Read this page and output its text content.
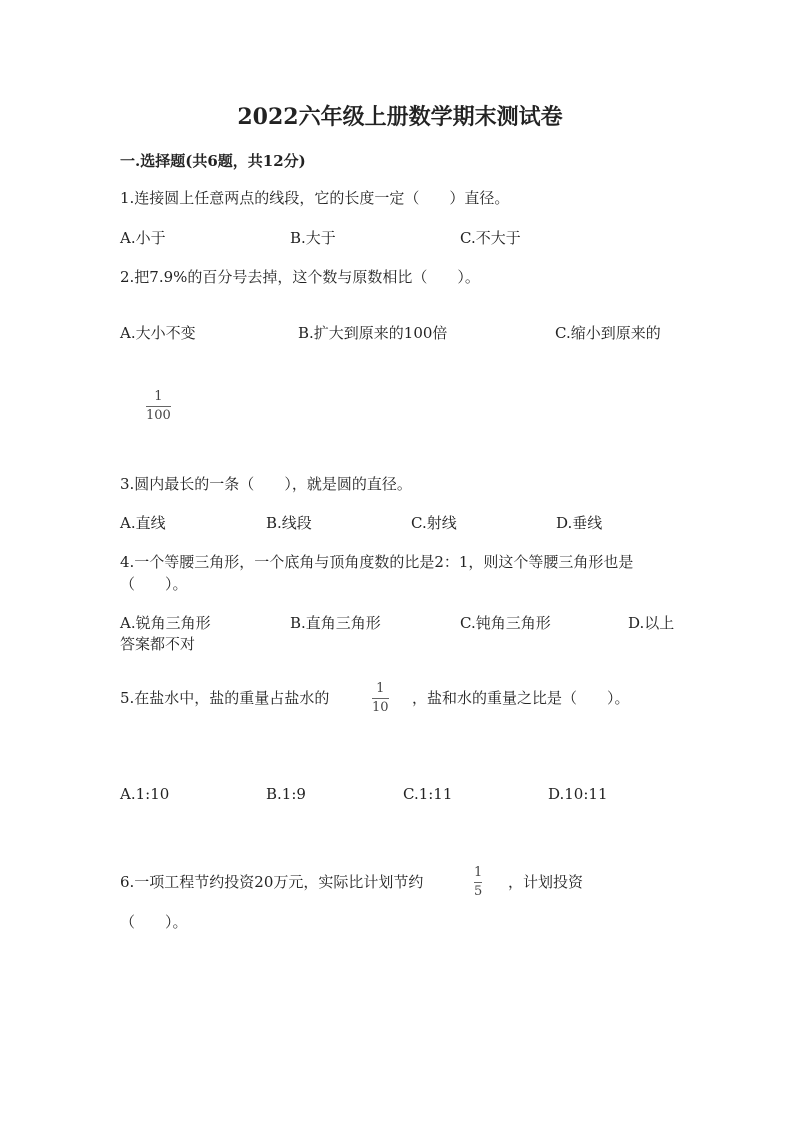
2022六年级上册数学期末测试卷
一.选择题(共6题，共12分)
1.连接圆上任意两点的线段，它的长度一定（　　）直径。
A.小于	B.大于	C.不大于
2.把7.9%的百分号去掉，这个数与原数相比（　　）。
A.大小不变	B.扩大到原来的100倍	C.缩小到原来的
1
100
3.圆内最长的一条（　　），就是圆的直径。
A.直线	B.线段	C.射线	D.垂线
4.一个等腰三角形，一个底角与顶角度数的比是2：1，则这个等腰三角形也是
（　　）。
A.锐角三角形	B.直角三角形	C.钝角三角形	D.以上
答案都不对
5.在盐水中，盐的重量占盐水的
1
10
，盐和水的重量之比是（　　）。
A.1:10	B.1:9	C.1:11	D.10:11
6.一项工程节约投资20万元，实际比计划节约
1
5
，计划投资
（　　）。
